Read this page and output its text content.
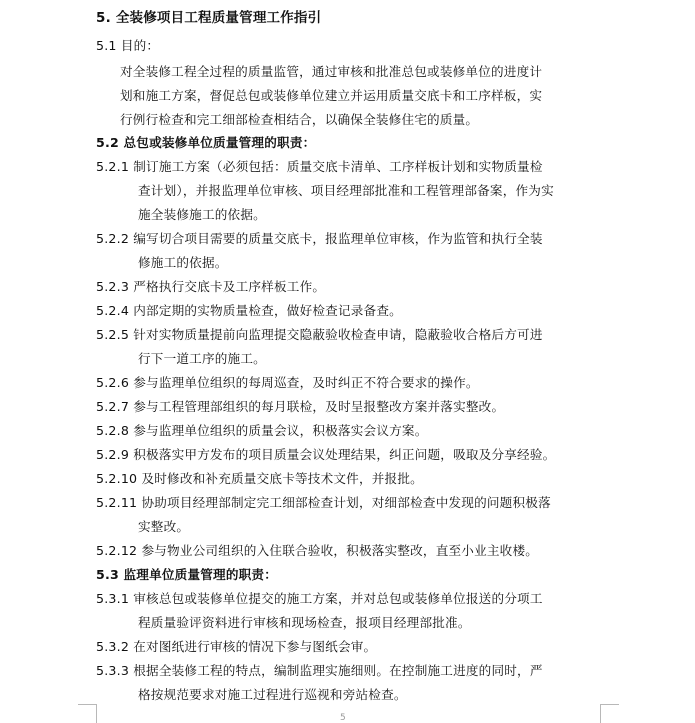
5. 全装修项目工程质量管理工作指引
5.1 目的：
对全装修工程全过程的质量监管，通过审核和批准总包或装修单位的进度计
划和施工方案，督促总包或装修单位建立并运用质量交底卡和工序样板，实
行例行检查和完工细部检查相结合，以确保全装修住宅的质量。
5.2 总包或装修单位质量管理的职责：
5.2.1 制订施工方案（必须包括：质量交底卡清单、工序样板计划和实物质量检
查计划），并报监理单位审核、项目经理部批准和工程管理部备案，作为实
施全装修施工的依据。
5.2.2 编写切合项目需要的质量交底卡，报监理单位审核，作为监管和执行全装
修施工的依据。
5.2.3 严格执行交底卡及工序样板工作。
5.2.4 内部定期的实物质量检查，做好检查记录备查。
5.2.5 针对实物质量提前向监理提交隐蔽验收检查申请，隐蔽验收合格后方可进
行下一道工序的施工。
5.2.6 参与监理单位组织的每周巡查，及时纠正不符合要求的操作。
5.2.7 参与工程管理部组织的每月联检，及时呈报整改方案并落实整改。
5.2.8 参与监理单位组织的质量会议，积极落实会议方案。
5.2.9 积极落实甲方发布的项目质量会议处理结果，纠正问题，吸取及分享经验。
5.2.10 及时修改和补充质量交底卡等技术文件，并报批。
5.2.11 协助项目经理部制定完工细部检查计划，对细部检查中发现的问题积极落
实整改。
5.2.12 参与物业公司组织的入住联合验收，积极落实整改，直至小业主收楼。
5.3 监理单位质量管理的职责：
5.3.1 审核总包或装修单位提交的施工方案，并对总包或装修单位报送的分项工
程质量验评资料进行审核和现场检查，报项目经理部批准。
5.3.2 在对图纸进行审核的情况下参与图纸会审。
5.3.3 根据全装修工程的特点，编制监理实施细则。在控制施工进度的同时，严
格按规范要求对施工过程进行巡视和旁站检查。
5
